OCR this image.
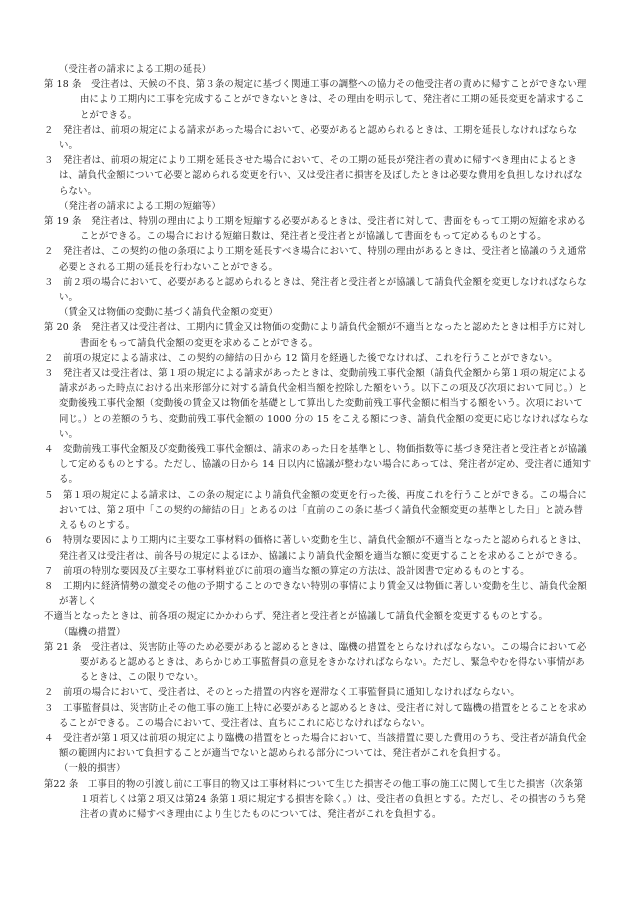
（受注者の請求による工期の延長）

第 18 条　受注者は、天候の不良、第３条の規定に基づく関連工事の調整への協力その他受注者の責めに帰すことができない理由により工期内に工事を完成することができないときは、その理由を明示して、発注者に工期の延長変更を請求することができる。

２　発注者は、前項の規定による請求があった場合において、必要があると認められるときは、工期を延長しなければならない。

３　発注者は、前項の規定により工期を延長させた場合において、その工期の延長が発注者の責めに帰すべき理由によるときは、請負代金額について必要と認められる変更を行い、又は受注者に損害を及ぼしたときは必要な費用を負担しなければならない。

（発注者の請求による工期の短縮等）

第 19 条　発注者は、特別の理由により工期を短縮する必要があるときは、受注者に対して、書面をもって工期の短縮を求めることができる。この場合における短縮日数は、発注者と受注者とが協議して書面をもって定めるものとする。

２　発注者は、この契約の他の条項により工期を延長すべき場合において、特別の理由があるときは、受注者と協議のうえ通常必要とされる工期の延長を行わないことができる。

３　前２項の場合において、必要があると認められるときは、発注者と受注者とが協議して請負代金額を変更しなければならない。

（賃金又は物価の変動に基づく請負代金額の変更）

第 20 条　発注者又は受注者は、工期内に賃金又は物価の変動により請負代金額が不適当となったと認めたときは相手方に対し書面をもって請負代金額の変更を求めることができる。

２　前項の規定による請求は、この契約の締結の日から 12 箇月を経過した後でなければ、これを行うことができない。

３　発注者又は受注者は、第１項の規定による請求があったときは、変動前残工事代金額（請負代金額から第１項の規定による請求があった時点における出来形部分に対する請負代金相当額を控除した額をいう。以下この項及び次項において同じ。）と変動後残工事代金額（変動後の賃金又は物価を基礎として算出した変動前残工事代金額に相当する額をいう。次項において同じ。）との差額のうち、変動前残工事代金額の 1000 分の 15 をこえる額につき、請負代金額の変更に応じなければならない。

４　変動前残工事代金額及び変動後残工事代金額は、請求のあった日を基準とし、物価指数等に基づき発注者と受注者とが協議して定めるものとする。ただし、協議の日から 14 日以内に協議が整わない場合にあっては、発注者が定め、受注者に通知する。

５　第１項の規定による請求は、この条の規定により請負代金額の変更を行った後、再度これを行うことができる。この場合においては、第２項中「この契約の締結の日」とあるのは「直前のこの条に基づく請負代金額変更の基準とした日」と読み替えるものとする。

６　特別な要因により工期内に主要な工事材料の価格に著しい変動を生じ、請負代金額が不適当となったと認められるときは、発注者又は受注者は、前各号の規定によるほか、協議により請負代金額を適当な額に変更することを求めることができる。

７　前項の特別な要因及び主要な工事材料並びに前項の適当な額の算定の方法は、設計図書で定めるものとする。

８　工期内に経済情勢の激変その他の予期することのできない特別の事情により賃金又は物価に著しい変動を生じ、請負代金額が著しく

不適当となったときは、前各項の規定にかかわらず、発注者と受注者とが協議して請負代金額を変更するものとする。

（臨機の措置）

第 21 条　受注者は、災害防止等のため必要があると認めるときは、臨機の措置をとらなければならない。この場合において必要があると認めるときは、あらかじめ工事監督員の意見をきかなければならない。ただし、緊急やむを得ない事情があるときは、この限りでない。

２　前項の場合において、受注者は、そのとった措置の内容を遅滞なく工事監督員に通知しなければならない。

３　工事監督員は、災害防止その他工事の施工上特に必要があると認めるときは、受注者に対して臨機の措置をとることを求めることができる。この場合において、受注者は、直ちにこれに応じなければならない。

４　受注者が第１項又は前項の規定により臨機の措置をとった場合において、当該措置に要した費用のうち、受注者が請負代金額の範囲内において負担することが適当でないと認められる部分については、発注者がこれを負担する。

（一般的損害）

第22 条　工事目的物の引渡し前に工事目的物又は工事材料について生じた損害その他工事の施工に関して生じた損害（次条第１項若しくは第２項又は第24 条第１項に規定する損害を除く。）は、受注者の負担とする。ただし、その損害のうち発注者の責めに帰すべき理由により生じたものについては、発注者がこれを負担する。
